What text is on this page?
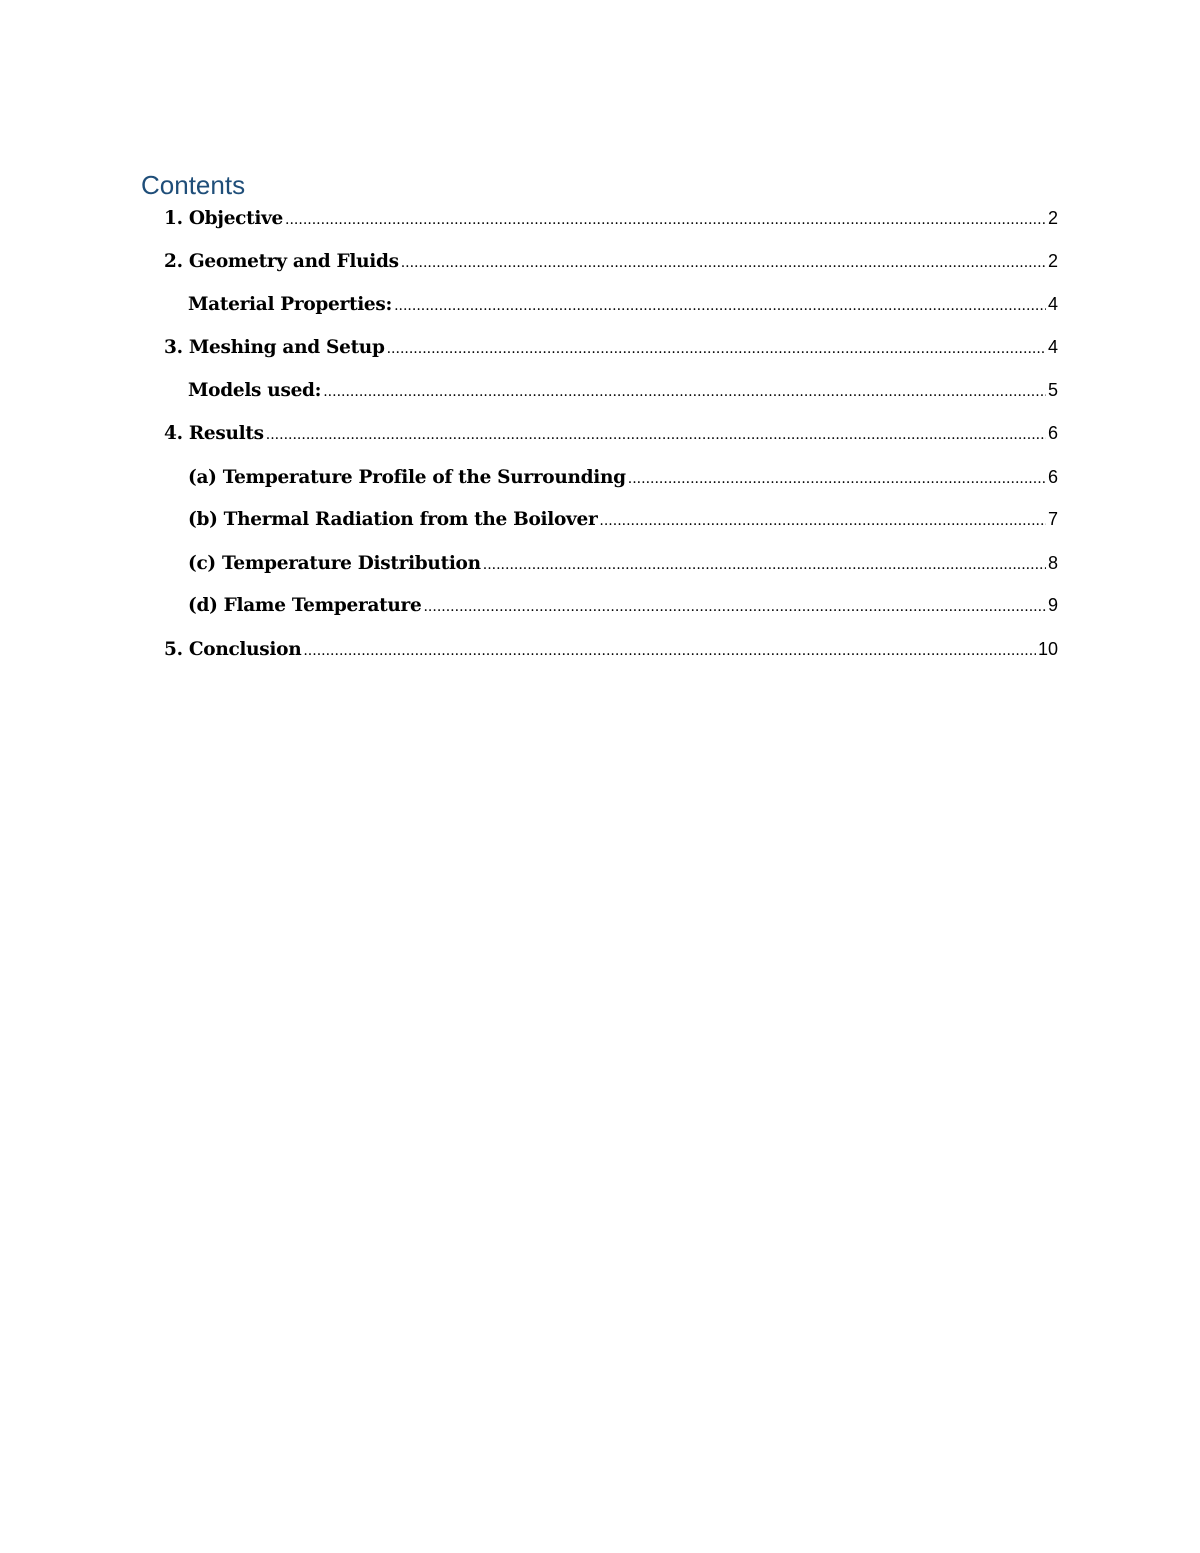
Contents
1. Objective .....	2
2. Geometry and Fluids .....	2
Material Properties: .....	4
3. Meshing and Setup .....	4
Models used: .....	5
4. Results .....	6
(a) Temperature Profile of the Surrounding .....	6
(b) Thermal Radiation from the Boilover .....	7
(c) Temperature Distribution .....	8
(d) Flame Temperature .....	9
5. Conclusion .....	10
